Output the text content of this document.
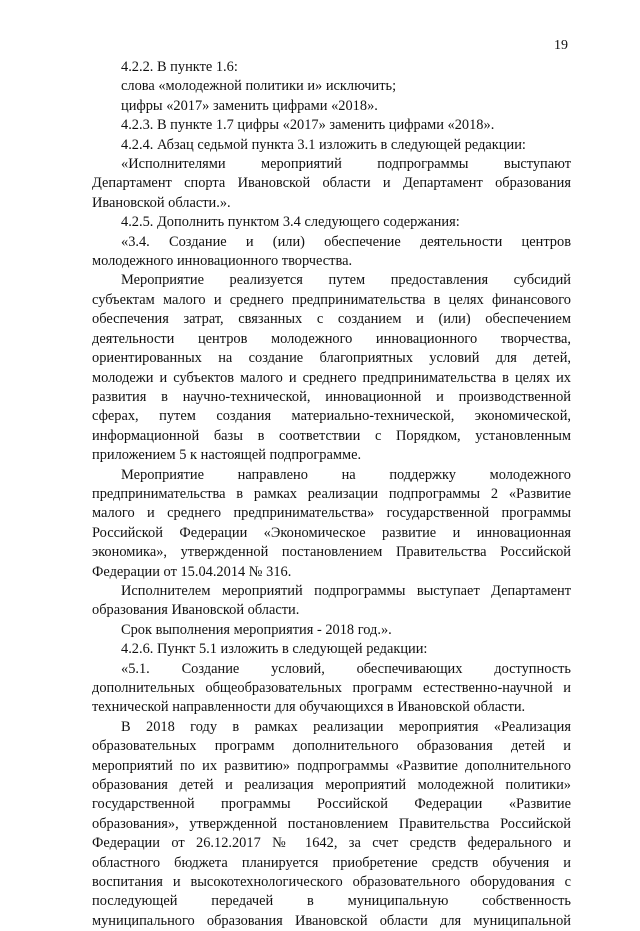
19
4.2.2. В пункте 1.6:
слова «молодежной политики и» исключить;
цифры «2017» заменить цифрами «2018».
4.2.3. В пункте 1.7 цифры «2017» заменить цифрами «2018».
4.2.4. Абзац седьмой пункта 3.1 изложить в следующей редакции:
«Исполнителями мероприятий подпрограммы выступают
Департамент спорта Ивановской области и Департамент образования
Ивановской области.».
4.2.5. Дополнить пунктом 3.4 следующего содержания:
«3.4. Создание и (или) обеспечение деятельности центров
молодежного инновационного творчества.
Мероприятие реализуется путем предоставления субсидий
субъектам малого и среднего предпринимательства в целях финансового
обеспечения затрат, связанных с созданием и (или) обеспечением
деятельности центров молодежного инновационного творчества,
ориентированных на создание благоприятных условий для детей,
молодежи и субъектов малого и среднего предпринимательства в целях их
развития в научно-технической, инновационной и производственной
сферах, путем создания материально-технической, экономической,
информационной базы в соответствии с Порядком, установленным
приложением 5 к настоящей подпрограмме.
Мероприятие направлено на поддержку молодежного
предпринимательства в рамках реализации подпрограммы 2 «Развитие
малого и среднего предпринимательства» государственной программы
Российской Федерации «Экономическое развитие и инновационная
экономика», утвержденной постановлением Правительства Российской
Федерации от 15.04.2014 № 316.
Исполнителем мероприятий подпрограммы выступает Департамент
образования Ивановской области.
Срок выполнения мероприятия - 2018 год.».
4.2.6. Пункт 5.1 изложить в следующей редакции:
«5.1. Создание условий, обеспечивающих доступность
дополнительных общеобразовательных программ естественно-научной и
технической направленности для обучающихся в Ивановской области.
В 2018 году в рамках реализации мероприятия «Реализация
образовательных программ дополнительного образования детей и
мероприятий по их развитию» подпрограммы «Развитие дополнительного
образования детей и реализация мероприятий молодежной политики»
государственной программы Российской Федерации «Развитие
образования», утвержденной постановлением Правительства Российской
Федерации от 26.12.2017 № 1642, за счет средств федерального и
областного бюджета планируется приобретение средств обучения и
воспитания и высокотехнологического образовательного оборудования с
последующей передачей в муниципальную собственность
муниципального образования Ивановской области для муниципальной
